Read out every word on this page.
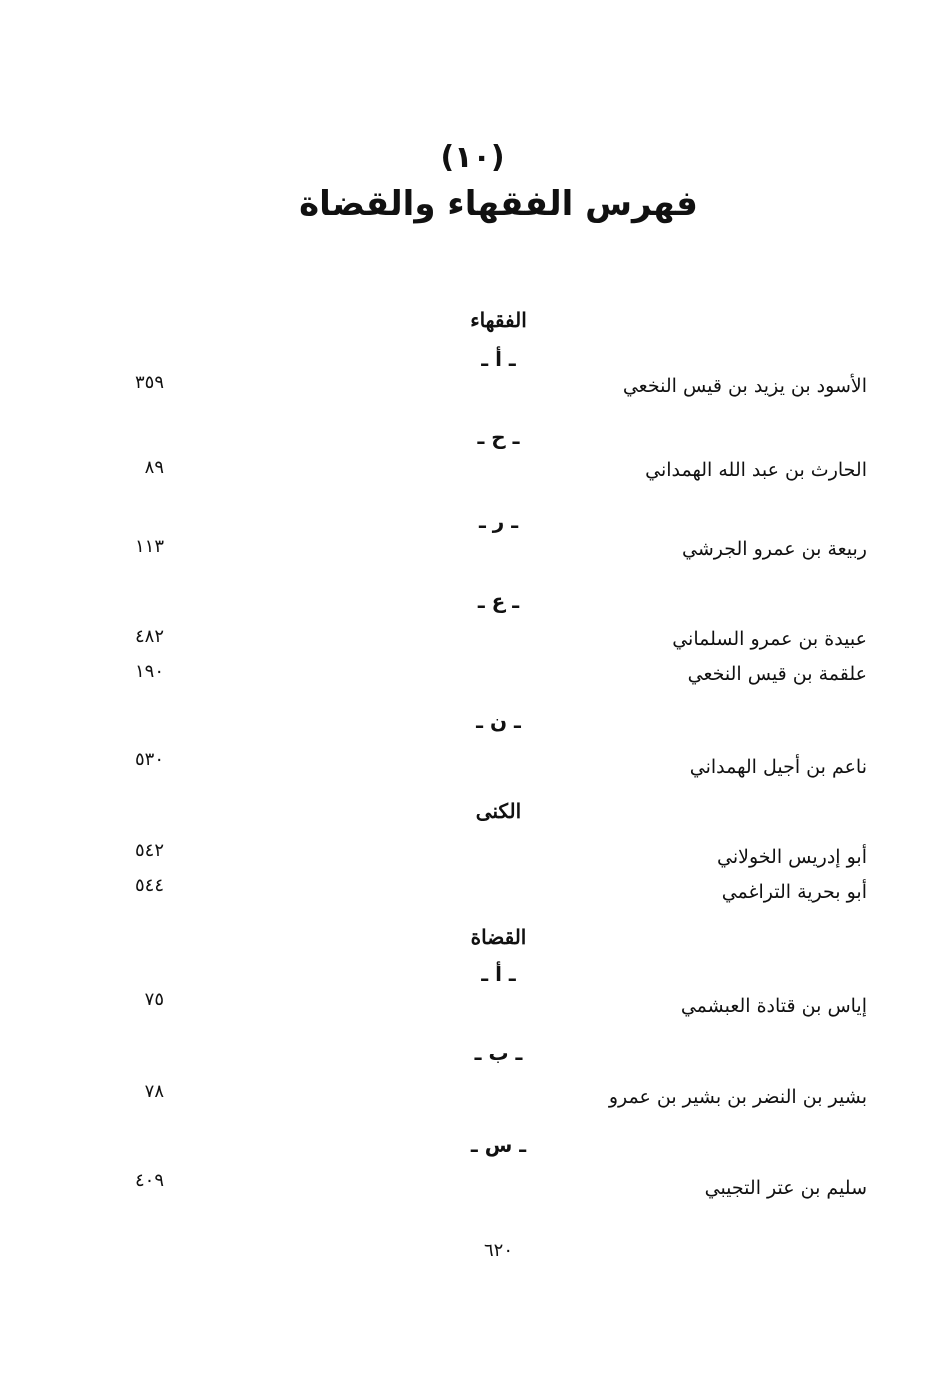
(١٠)
فهرس الفقهاء والقضاة
الفقهاء
ـ أ ـ
الأسود بن يزيد بن قيس النخعي
٣٥٩
ـ ح ـ
الحارث بن عبد الله الهمداني
٨٩
ـ ر ـ
ربيعة بن عمرو الجرشي
١١٣
ـ ع ـ
عبيدة بن عمرو السلماني
٤٨٢
علقمة بن قيس النخعي
١٩٠
ـ ن ـ
ناعم بن أجيل الهمداني
٥٣٠
الكنى
أبو إدريس الخولاني
٥٤٢
أبو بحرية التراغمي
٥٤٤
القضاة
ـ أ ـ
إياس بن قتادة العبشمي
٧٥
ـ ب ـ
بشير بن النضر بن بشير بن عمرو
٧٨
ـ س ـ
سليم بن عتر التجيبي
٤٠٩
٦٢٠
